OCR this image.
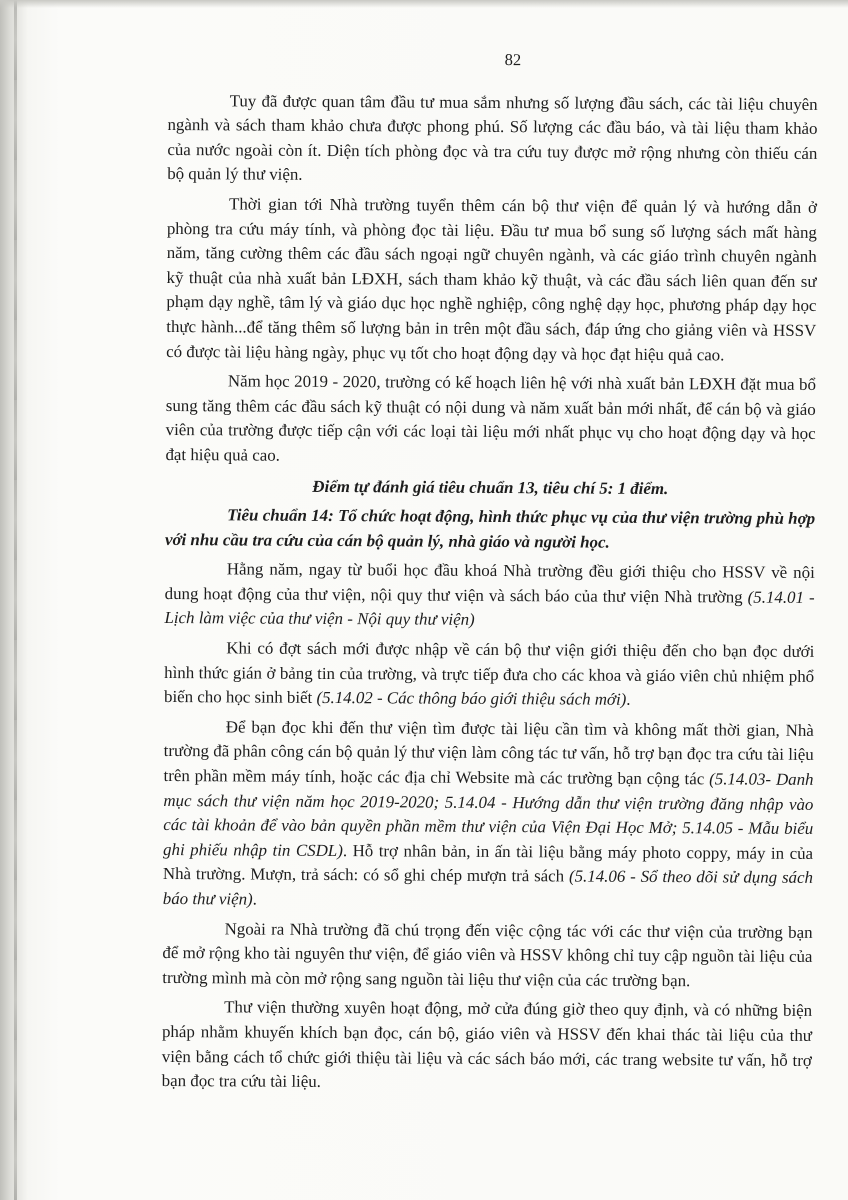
82

Tuy đã được quan tâm đầu tư mua sắm nhưng số lượng đầu sách, các tài liệu chuyên ngành và sách tham khảo chưa được phong phú. Số lượng các đầu báo, và tài liệu tham khảo của nước ngoài còn ít. Diện tích phòng đọc và tra cứu tuy được mở rộng nhưng còn thiếu cán bộ quản lý thư viện.

Thời gian tới Nhà trường tuyển thêm cán bộ thư viện để quản lý và hướng dẫn ở phòng tra cứu máy tính, và phòng đọc tài liệu. Đầu tư mua bổ sung số lượng sách mất hàng năm, tăng cường thêm các đầu sách ngoại ngữ chuyên ngành, và các giáo trình chuyên ngành kỹ thuật của nhà xuất bản LĐXH, sách tham khảo kỹ thuật, và các đầu sách liên quan đến sư phạm dạy nghề, tâm lý và giáo dục học nghề nghiệp, công nghệ dạy học, phương pháp dạy học thực hành...để tăng thêm số lượng bản in trên một đầu sách, đáp ứng cho giảng viên và HSSV có được tài liệu hàng ngày, phục vụ tốt cho hoạt động dạy và học đạt hiệu quả cao.

Năm học 2019 - 2020, trường có kế hoạch liên hệ với nhà xuất bản LĐXH đặt mua bổ sung tăng thêm các đầu sách kỹ thuật có nội dung và năm xuất bản mới nhất, để cán bộ và giáo viên của trường được tiếp cận với các loại tài liệu mới nhất phục vụ cho hoạt động dạy và học đạt hiệu quả cao.

Điểm tự đánh giá tiêu chuẩn 13, tiêu chí 5: 1 điểm.
Tiêu chuẩn 14: Tổ chức hoạt động, hình thức phục vụ của thư viện trường phù hợp với nhu cầu tra cứu của cán bộ quản lý, nhà giáo và người học.

Hằng năm, ngay từ buổi học đầu khoá Nhà trường đều giới thiệu cho HSSV về nội dung hoạt động của thư viện, nội quy thư viện và sách báo của thư viện Nhà trường (5.14.01 - Lịch làm việc của thư viện - Nội quy thư viện)

Khi có đợt sách mới được nhập về cán bộ thư viện giới thiệu đến cho bạn đọc dưới hình thức gián ở bảng tin của trường, và trực tiếp đưa cho các khoa và giáo viên chủ nhiệm phổ biến cho học sinh biết (5.14.02 - Các thông báo giới thiệu sách mới).

Để bạn đọc khi đến thư viện tìm được tài liệu cần tìm và không mất thời gian, Nhà trường đã phân công cán bộ quản lý thư viện làm công tác tư vấn, hỗ trợ bạn đọc tra cứu tài liệu trên phần mềm máy tính, hoặc các địa chỉ Website mà các trường bạn cộng tác (5.14.03- Danh mục sách thư viện năm học 2019-2020; 5.14.04 - Hướng dẫn thư viện trường đăng nhập vào các tài khoản để vào bản quyền phần mềm thư viện của Viện Đại Học Mở; 5.14.05 - Mẫu biểu ghi phiếu nhập tin CSDL). Hỗ trợ nhân bản, in ấn tài liệu bằng máy photo coppy, máy in của Nhà trường. Mượn, trả sách: có sổ ghi chép mượn trả sách (5.14.06 - Sổ theo dõi sử dụng sách báo thư viện).

Ngoài ra Nhà trường đã chú trọng đến việc cộng tác với các thư viện của trường bạn để mở rộng kho tài nguyên thư viện, để giáo viên và HSSV không chỉ tuy cập nguồn tài liệu của trường mình mà còn mở rộng sang nguồn tài liệu thư viện của các trường bạn.

Thư viện thường xuyên hoạt động, mở cửa đúng giờ theo quy định, và có những biện pháp nhằm khuyến khích bạn đọc, cán bộ, giáo viên và HSSV đến khai thác tài liệu của thư viện bằng cách tổ chức giới thiệu tài liệu và các sách báo mới, các trang website tư vấn, hỗ trợ bạn đọc tra cứu tài liệu.
